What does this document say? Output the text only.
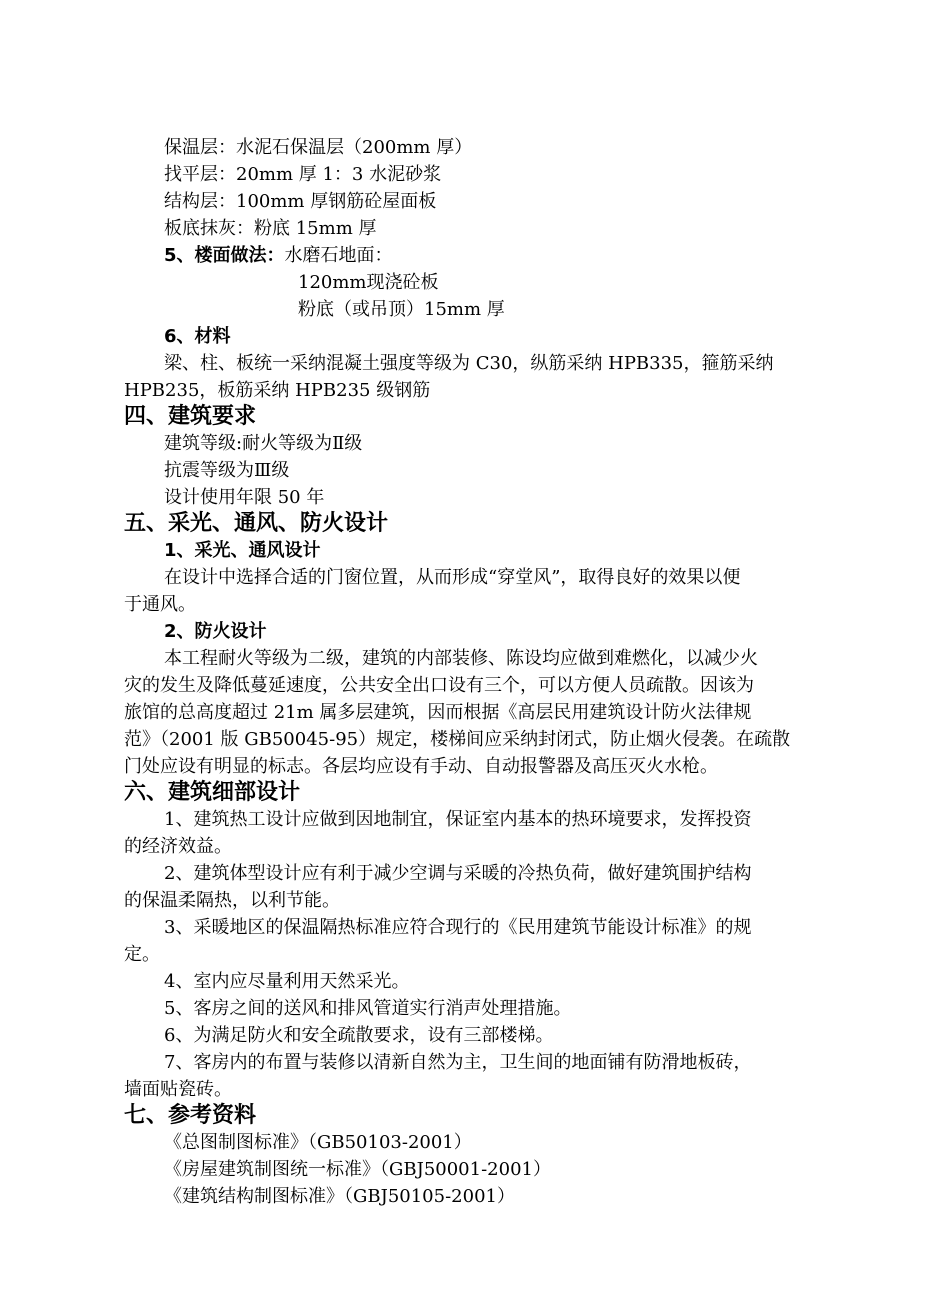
保温层：水泥石保温层（200mm 厚）
找平层：20mm 厚 1：3 水泥砂浆
结构层：100mm 厚钢筋砼屋面板
板底抹灰：粉底 15mm 厚
5、楼面做法：水磨石地面：
120mm现浇砼板
粉底（或吊顶）15mm 厚
6、材料
梁、柱、板统一采纳混凝土强度等级为 C30，纵筋采纳 HPB335，箍筋采纳
HPB235，板筋采纳 HPB235 级钢筋
四、建筑要求
建筑等级:耐火等级为Ⅱ级
抗震等级为Ⅲ级
设计使用年限 50 年
五、采光、通风、防火设计
1、采光、通风设计
在设计中选择合适的门窗位置，从而形成“穿堂风”，取得良好的效果以便
于通风。
2、防火设计
本工程耐火等级为二级，建筑的内部装修、陈设均应做到难燃化，以减少火
灾的发生及降低蔓延速度，公共安全出口设有三个，可以方便人员疏散。因该为
旅馆的总高度超过 21m 属多层建筑，因而根据《高层民用建筑设计防火法律规
范》（2001 版 GB50045-95）规定，楼梯间应采纳封闭式，防止烟火侵袭。在疏散
门处应设有明显的标志。各层均应设有手动、自动报警器及高压灭火水枪。
六、建筑细部设计
1、建筑热工设计应做到因地制宜，保证室内基本的热环境要求，发挥投资
的经济效益。
2、建筑体型设计应有利于减少空调与采暖的冷热负荷，做好建筑围护结构
的保温柔隔热，以利节能。
3、采暖地区的保温隔热标准应符合现行的《民用建筑节能设计标准》的规
定。
4、室内应尽量利用天然采光。
5、客房之间的送风和排风管道实行消声处理措施。
6、为满足防火和安全疏散要求，设有三部楼梯。
7、客房内的布置与装修以清新自然为主，卫生间的地面铺有防滑地板砖，
墙面贴瓷砖。
七、参考资料
《总图制图标准》（GB50103-2001）
《房屋建筑制图统一标准》（GBJ50001-2001）
《建筑结构制图标准》（GBJ50105-2001）
